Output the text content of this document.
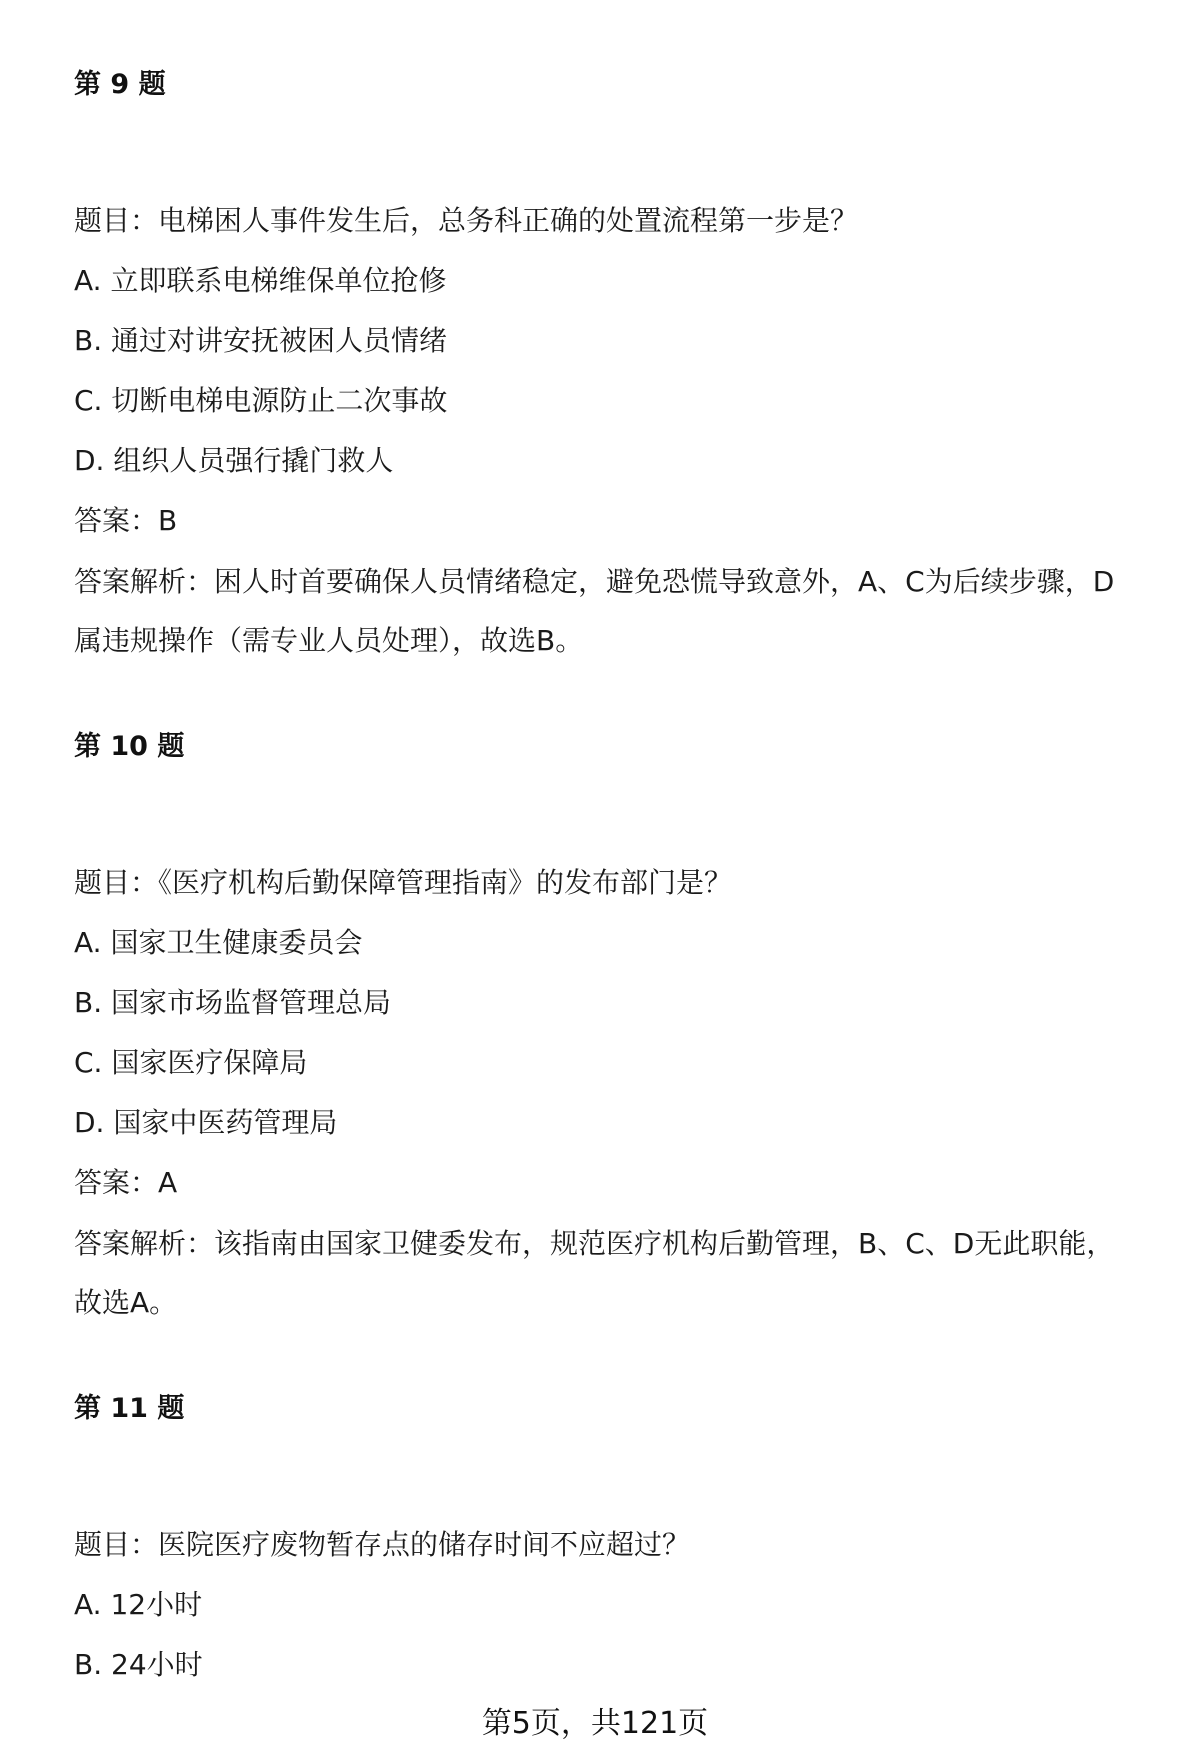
第 9 题

题目：电梯困人事件发生后，总务科正确的处置流程第一步是？

A. 立即联系电梯维保单位抢修

B. 通过对讲安抚被困人员情绪

C. 切断电梯电源防止二次事故

D. 组织人员强行撬门救人

答案：B

答案解析：困人时首要确保人员情绪稳定，避免恐慌导致意外，A、C为后续步骤，D属违规操作（需专业人员处理），故选B。

第 10 题

题目：《医疗机构后勤保障管理指南》的发布部门是？

A. 国家卫生健康委员会

B. 国家市场监督管理总局

C. 国家医疗保障局

D. 国家中医药管理局

答案：A

答案解析：该指南由国家卫健委发布，规范医疗机构后勤管理，B、C、D无此职能，故选A。

第 11 题

题目：医院医疗废物暂存点的储存时间不应超过？

A. 12小时

B. 24小时

第5页，共121页
